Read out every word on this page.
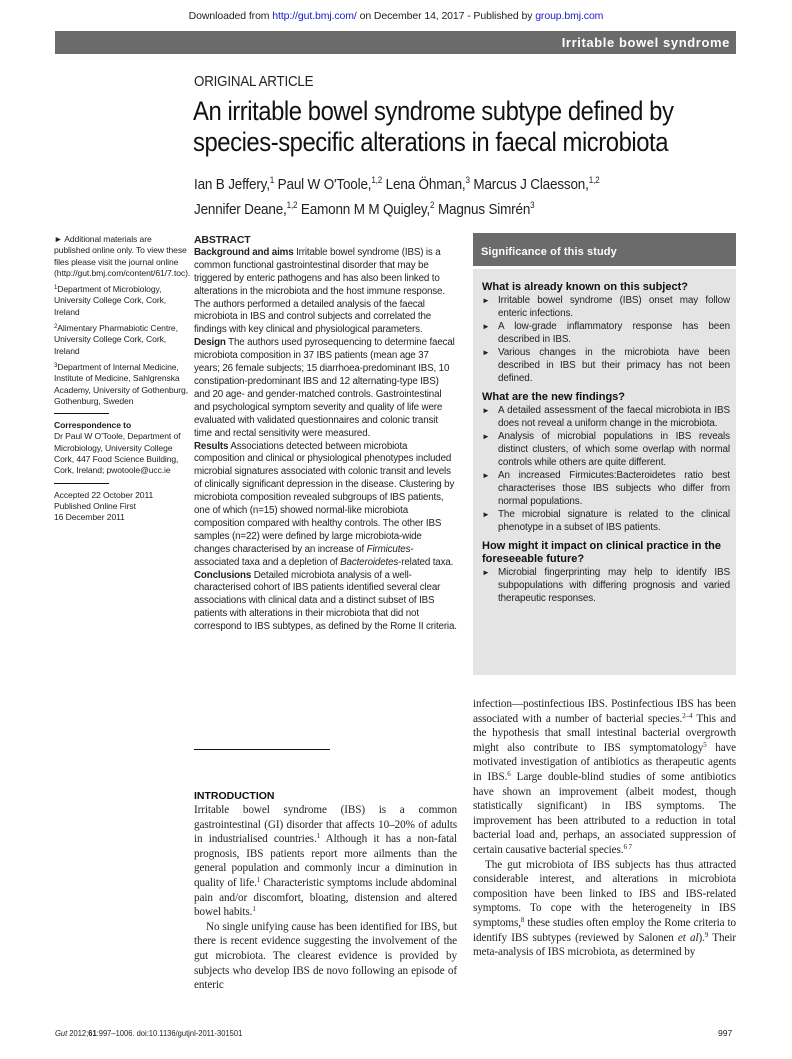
Downloaded from http://gut.bmj.com/ on December 14, 2017 - Published by group.bmj.com
Irritable bowel syndrome
ORIGINAL ARTICLE
An irritable bowel syndrome subtype defined by species-specific alterations in faecal microbiota
Ian B Jeffery,$^1$ Paul W O'Toole,$^{1,2}$ Lena Öhman,$^3$ Marcus J Claesson,$^{1,2}$
Jennifer Deane,$^{1,2}$ Eamonn M M Quigley,$^2$ Magnus Simrén$^3$

► Additional materials are published online only. To view these files please visit the journal online (http://gut.bmj.com/content/61/7.toc).

$^1$Department of Microbiology, University College Cork, Cork, Ireland

$^2$Alimentary Pharmabiotic Centre, University College Cork, Cork, Ireland

$^3$Department of Internal Medicine, Institute of Medicine, Sahlgrenska Academy, University of Gothenburg, Gothenburg, Sweden

Correspondence to
Dr Paul W O'Toole, Department of Microbiology, University College Cork, 447 Food Science Building, Cork, Ireland; pwotoole@ucc.ie

Accepted 22 October 2011
Published Online First
16 December 2011

ABSTRACT
Background and aims Irritable bowel syndrome (IBS) is a common functional gastrointestinal disorder that may be triggered by enteric pathogens and has also been linked to alterations in the microbiota and the host immune response. The authors performed a detailed analysis of the faecal microbiota in IBS and control subjects and correlated the findings with key clinical and physiological parameters.
Design The authors used pyrosequencing to determine faecal microbiota composition in 37 IBS patients (mean age 37 years; 26 female subjects; 15 diarrhoea-predominant IBS, 10 constipation-predominant IBS and 12 alternating-type IBS) and 20 age- and gender-matched controls. Gastrointestinal and psychological symptom severity and quality of life were evaluated with validated questionnaires and colonic transit time and rectal sensitivity were measured.
Results Associations detected between microbiota composition and clinical or physiological phenotypes included microbial signatures associated with colonic transit and levels of clinically significant depression in the disease. Clustering by microbiota composition revealed subgroups of IBS patients, one of which (n=15) showed normal-like microbiota composition compared with healthy controls. The other IBS samples (n=22) were defined by large microbiota-wide changes characterised by an increase of Firmicutes-associated taxa and a depletion of Bacteroidetes-related taxa.
Conclusions Detailed microbiota analysis of a well-characterised cohort of IBS patients identified several clear associations with clinical data and a distinct subset of IBS patients with alterations in their microbiota that did not correspond to IBS subtypes, as defined by the Rome II criteria.
INTRODUCTION

Irritable bowel syndrome (IBS) is a common gastrointestinal (GI) disorder that affects 10–20% of adults in industrialised countries.$^1$ Although it has a non-fatal prognosis, IBS patients report more ailments than the general population and commonly incur a diminution in quality of life.$^1$ Characteristic symptoms include abdominal pain and/or discomfort, bloating, distension and altered bowel habits.$^1$

No single unifying cause has been identified for IBS, but there is recent evidence suggesting the involvement of the gut microbiota. The clearest evidence is provided by subjects who develop IBS de novo following an episode of enteric

Significance of this study
What is already known on this subject?
► Irritable bowel syndrome (IBS) onset may follow enteric infections.
► A low-grade inflammatory response has been described in IBS.
► Various changes in the microbiota have been described in IBS but their primacy has not been defined.
What are the new findings?
► A detailed assessment of the faecal microbiota in IBS does not reveal a uniform change in the microbiota.
► Analysis of microbial populations in IBS reveals distinct clusters, of which some overlap with normal controls while others are quite different.
► An increased Firmicutes:Bacteroidetes ratio best characterises those IBS subjects who differ from normal populations.
► The microbial signature is related to the clinical phenotype in a subset of IBS patients.
How might it impact on clinical practice in the foreseeable future?
► Microbial fingerprinting may help to identify IBS subpopulations with differing prognosis and varied therapeutic responses.

infection—postinfectious IBS. Postinfectious IBS has been associated with a number of bacterial species.$^{2-4}$ This and the hypothesis that small intestinal bacterial overgrowth might also contribute to IBS symptomatology$^5$ have motivated investigation of antibiotics as therapeutic agents in IBS.$^6$ Large double-blind studies of some antibiotics have shown an improvement (albeit modest, though statistically significant) in IBS symptoms. The improvement has been attributed to a reduction in total bacterial load and, perhaps, an associated suppression of certain causative bacterial species.$^{6 7}$

The gut microbiota of IBS subjects has thus attracted considerable interest, and alterations in microbiota composition have been linked to IBS and IBS-related symptoms. To cope with the heterogeneity in IBS symptoms,$^8$ these studies often employ the Rome criteria to identify IBS subtypes (reviewed by Salonen et al).$^9$ Their meta-analysis of IBS microbiota, as determined by

Gut 2012;61:997–1006. doi:10.1136/gutjnl-2011-301501	997
